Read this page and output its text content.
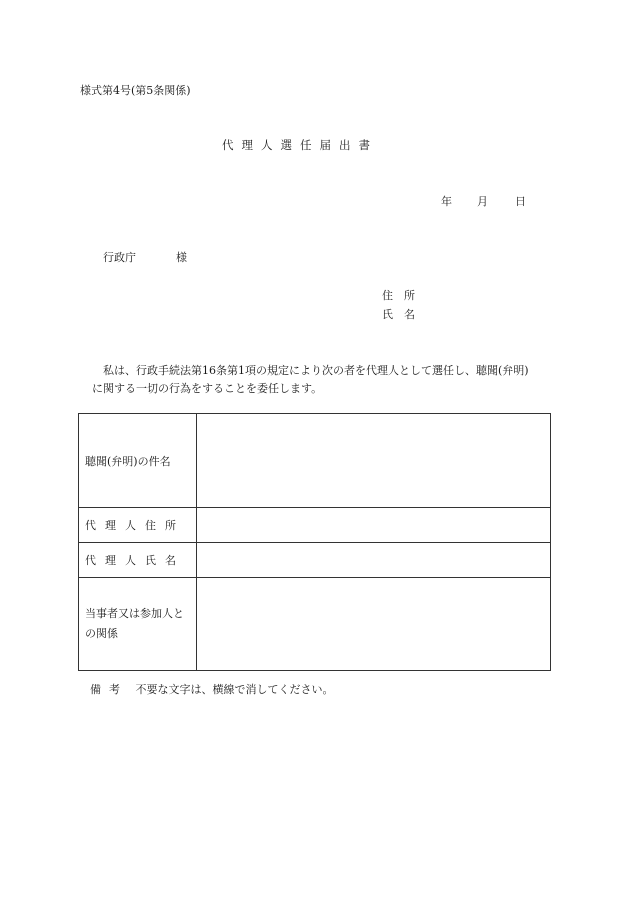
様式第4号(第5条関係)
代理人選任届出書
年 月 日
行政庁	様
住所
氏名
私は、行政手続法第16条第1項の規定により次の者を代理人として選任し、聴聞(弁明)
に関する一切の行為をすることを委任します。
聴聞(弁明)の件名	
代理人住所	
代理人氏名	
当事者又は参加人との関係	
備考 不要な文字は、横線で消してください。
